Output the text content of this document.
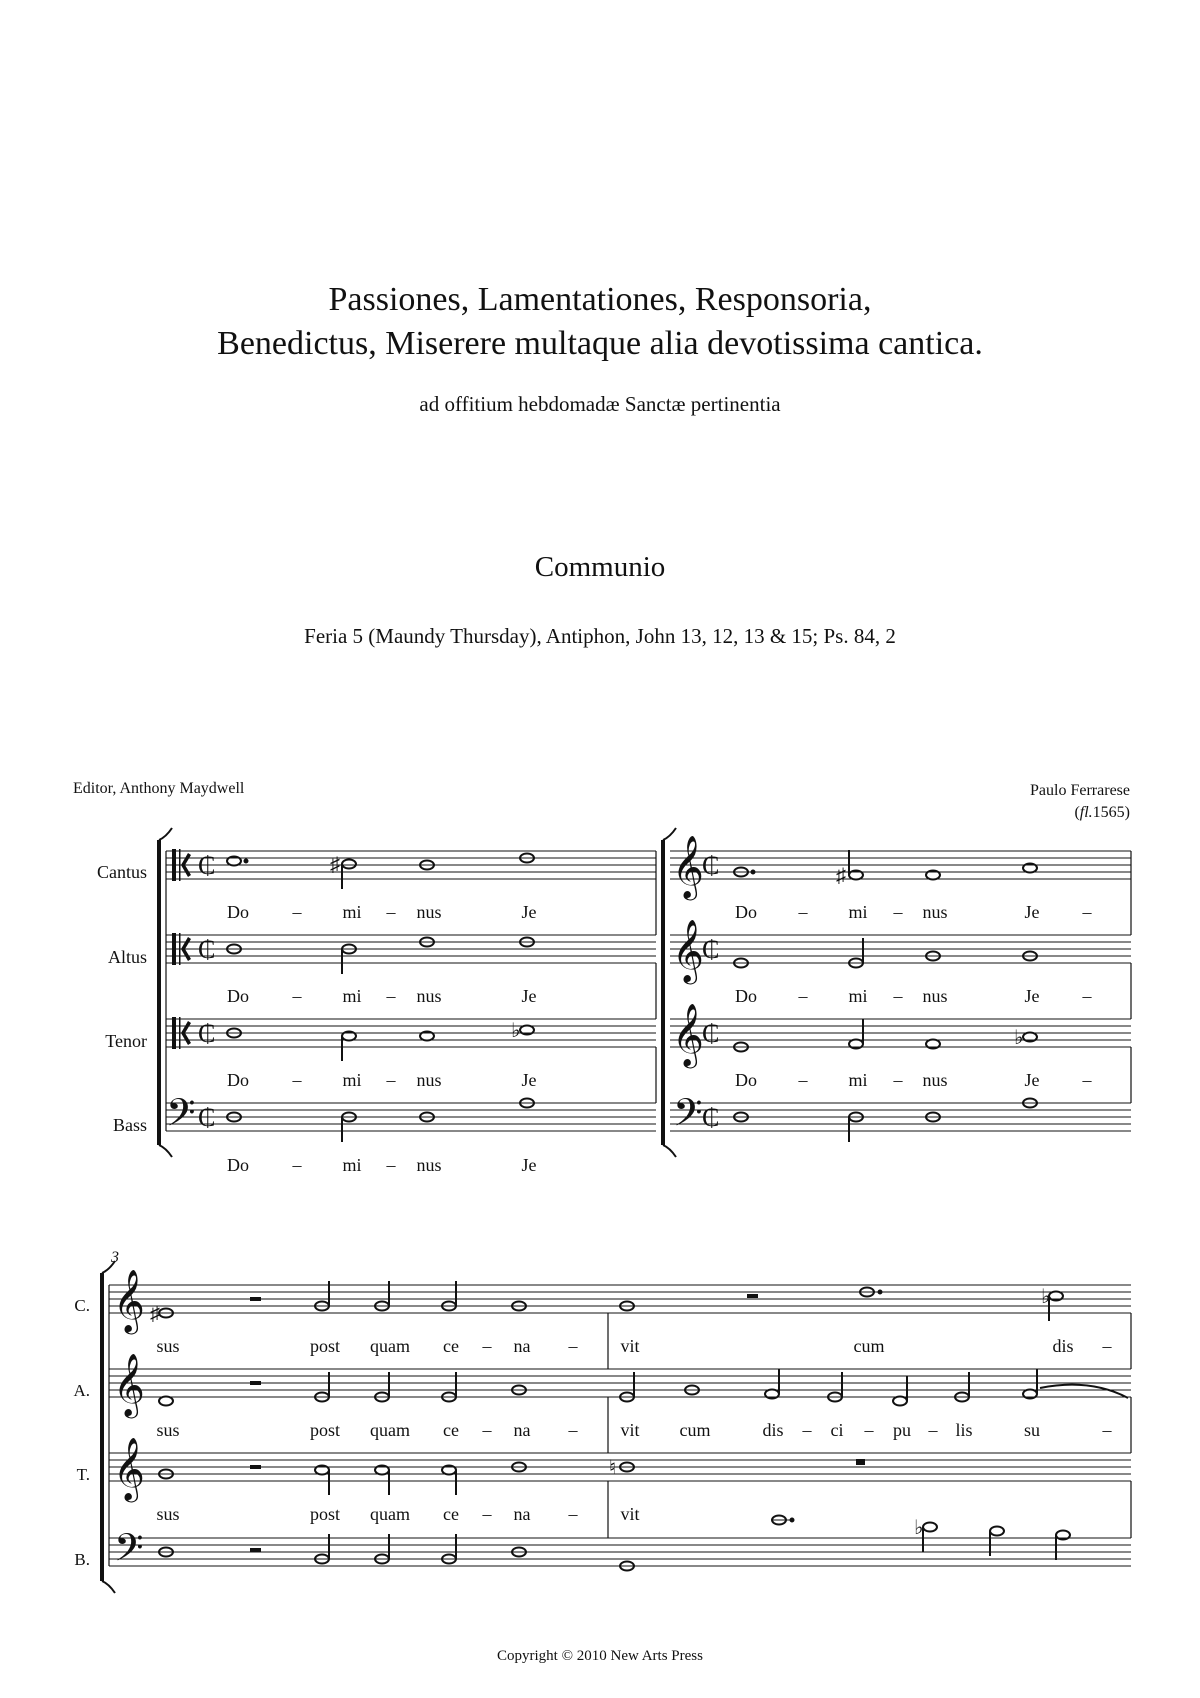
Passiones, Lamentationes, Responsoria,
Benedictus, Miserere multaque alia devotissima cantica.
ad offitium hebdomadæ Sanctæ pertinentia
Communio
Feria 5 (Maundy Thursday), Antiphon, John 13, 12, 13 & 15; Ps. 84, 2
Editor, Anthony Maydwell	Paulo Ferrarese
(fl.1565)
Cantus
Altus
Tenor
Bass
C.
A.
T.
B.
𝄢
𝄞
𝄞
𝄞
𝄢
₵
₵
₵
₵
₵
₵
₵
₵
♯	♯
♭	♭
3
𝄞
𝄞
𝄞
𝄢
♯
♭
♮
♭
Do – mi – nus	Je
Do – mi – nus	Je
Do – mi – nus	Je
Do – mi – nus	Je
Do – mi – nus	Je –
Do – mi – nus	Je –
Do – mi – nus	Je –
sus	post quam ce – na – vit	cum	dis –
sus	post quam ce – na – vit cum	dis – ci – pu – lis	su	–
sus	post quam ce – na – vit
Copyright © 2010 New Arts Press
